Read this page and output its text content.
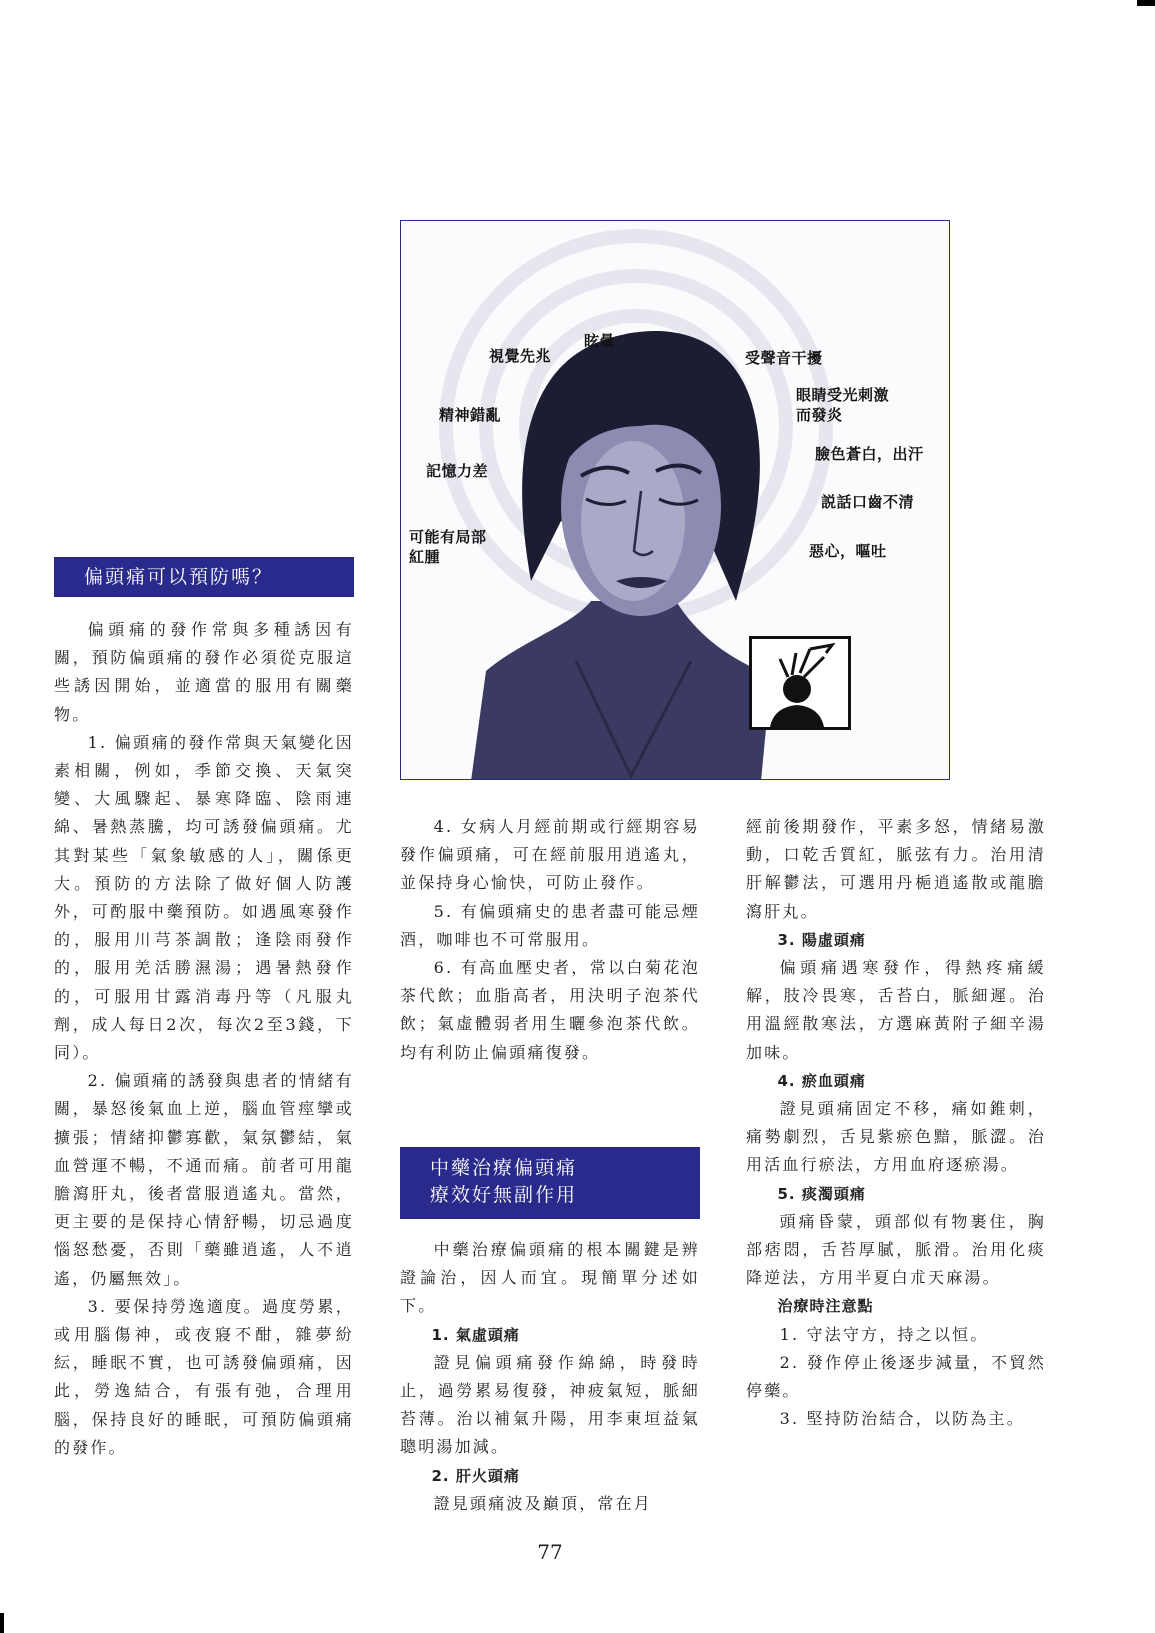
視覺先兆
眩暈
受聲音干擾
精神錯亂
眼睛受光刺激
而發炎
記憶力差
臉色蒼白，出汗
説話口齒不清
可能有局部
紅腫	惡心，嘔吐
偏頭痛可以預防嗎？

偏頭痛的發作常與多種誘因有關，預防偏頭痛的發作必須從克服這些誘因開始，並適當的服用有關藥物。

1. 偏頭痛的發作常與天氣變化因素相關，例如，季節交換、天氣突變、大風驟起、暴寒降臨、陰雨連綿、暑熱蒸騰，均可誘發偏頭痛。尤其對某些「氣象敏感的人」，關係更大。預防的方法除了做好個人防護外，可酌服中藥預防。如遇風寒發作的，服用川芎茶調散；逢陰雨發作的，服用羌活勝濕湯；遇暑熱發作的，可服用甘露消毒丹等（凡服丸劑，成人每日2次，每次2至3錢，下同）。

2. 偏頭痛的誘發與患者的情緒有關，暴怒後氣血上逆，腦血管痙攣或擴張；情緒抑鬱寡歡，氣氛鬱結，氣血營運不暢，不通而痛。前者可用龍膽瀉肝丸，後者當服逍遙丸。當然，更主要的是保持心情舒暢，切忌過度惱怒愁憂，否則「藥雖逍遙，人不逍遙，仍屬無效」。

3. 要保持勞逸適度。過度勞累，或用腦傷神，或夜寢不酣，雜夢紛紜，睡眠不實，也可誘發偏頭痛，因此，勞逸結合，有張有弛，合理用腦，保持良好的睡眠，可預防偏頭痛的發作。

4. 女病人月經前期或行經期容易發作偏頭痛，可在經前服用逍遙丸，並保持身心愉快，可防止發作。

5. 有偏頭痛史的患者盡可能忌煙酒，咖啡也不可常服用。

6. 有高血壓史者，常以白菊花泡茶代飲；血脂高者，用決明子泡茶代飲；氣虛體弱者用生曬參泡茶代飲。均有利防止偏頭痛復發。

中藥治療偏頭痛
療效好無副作用

中藥治療偏頭痛的根本關鍵是辨證論治，因人而宜。現簡單分述如下。

1. 氣虛頭痛

證見偏頭痛發作綿綿，時發時止，過勞累易復發，神疲氣短，脈細苔薄。治以補氣升陽，用李東垣益氣聰明湯加減。

2. 肝火頭痛

證見頭痛波及巔頂，常在月

經前後期發作，平素多怒，情緒易激動，口乾舌質紅，脈弦有力。治用清肝解鬱法，可選用丹梔逍遙散或龍膽瀉肝丸。

3. 陽虛頭痛

偏頭痛遇寒發作，得熱疼痛緩解，肢冷畏寒，舌苔白，脈細遲。治用溫經散寒法，方選麻黃附子細辛湯加味。

4. 瘀血頭痛

證見頭痛固定不移，痛如錐刺，痛勢劇烈，舌見紫瘀色黯，脈澀。治用活血行瘀法，方用血府逐瘀湯。

5. 痰濁頭痛

頭痛昏蒙，頭部似有物裹住，胸部痞悶，舌苔厚膩，脈滑。治用化痰降逆法，方用半夏白朮天麻湯。

治療時注意點

1. 守法守方，持之以恒。

2. 發作停止後逐步減量，不貿然停藥。

3. 堅持防治結合，以防為主。

77
